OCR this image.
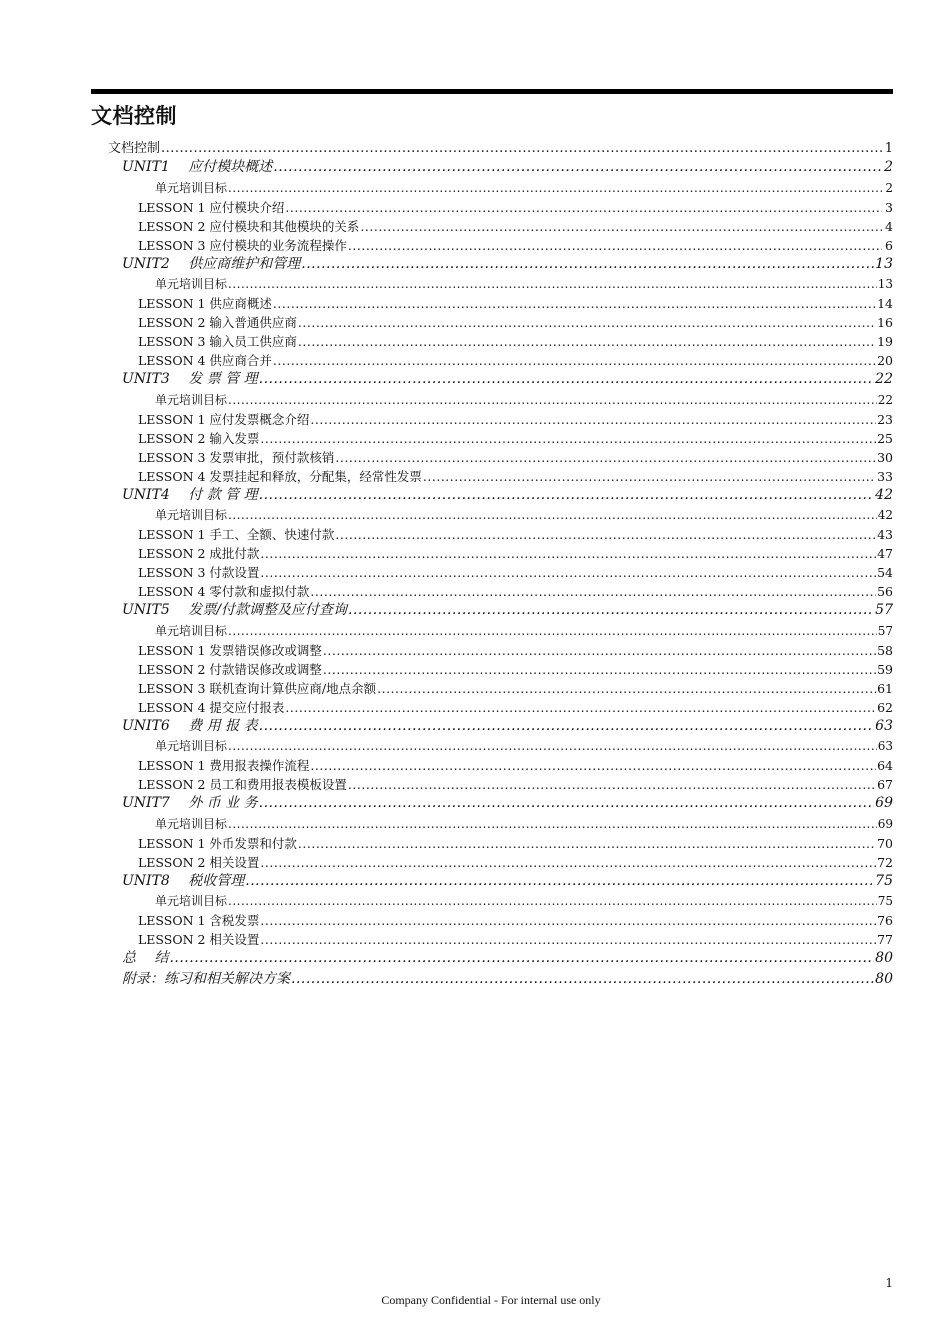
文档控制
文档控制 .....	1
UNIT1　 应付模块概述 .....	2
单元培训目标 .....	2
LESSON 1 应付模块介绍 .....	3
LESSON 2 应付模块和其他模块的关系 .....	4
LESSON 3 应付模块的业务流程操作 .....	6
UNIT2　 供应商维护和管理 .....	13
单元培训目标 .....	13
LESSON 1 供应商概述 .....	14
LESSON 2 输入普通供应商 .....	16
LESSON 3 输入员工供应商 .....	19
LESSON 4 供应商合并 .....	20
UNIT3　 发 票 管 理 .....	22
单元培训目标 .....	22
LESSON 1 应付发票概念介绍 .....	23
LESSON 2 输入发票 .....	25
LESSON 3 发票审批，预付款核销 .....	30
LESSON 4 发票挂起和释放，分配集，经常性发票 .....	33
UNIT4　 付 款 管 理 .....	42
单元培训目标 .....	42
LESSON 1 手工、全额、快速付款 .....	43
LESSON 2 成批付款 .....	47
LESSON 3 付款设置 .....	54
LESSON 4 零付款和虚拟付款 .....	56
UNIT5　 发票/付款调整及应付查询 .....	57
单元培训目标 .....	57
LESSON 1 发票错误修改或调整 .....	58
LESSON 2 付款错误修改或调整 .....	59
LESSON 3 联机查询计算供应商/地点余额 .....	61
LESSON 4 提交应付报表 .....	62
UNIT6　 费 用 报 表 .....	63
单元培训目标 .....	63
LESSON 1 费用报表操作流程 .....	64
LESSON 2 员工和费用报表模板设置 .....	67
UNIT7　 外 币 业 务 .....	69
单元培训目标 .....	69
LESSON 1 外币发票和付款 .....	70
LESSON 2 相关设置 .....	72
UNIT8　 税收管理 .....	75
单元培训目标 .....	75
LESSON 1 含税发票 .....	76
LESSON 2 相关设置 .....	77
总　 结 .....	80
附录：练习和相关解决方案 .....	80
1
Company Confidential - For internal use only
